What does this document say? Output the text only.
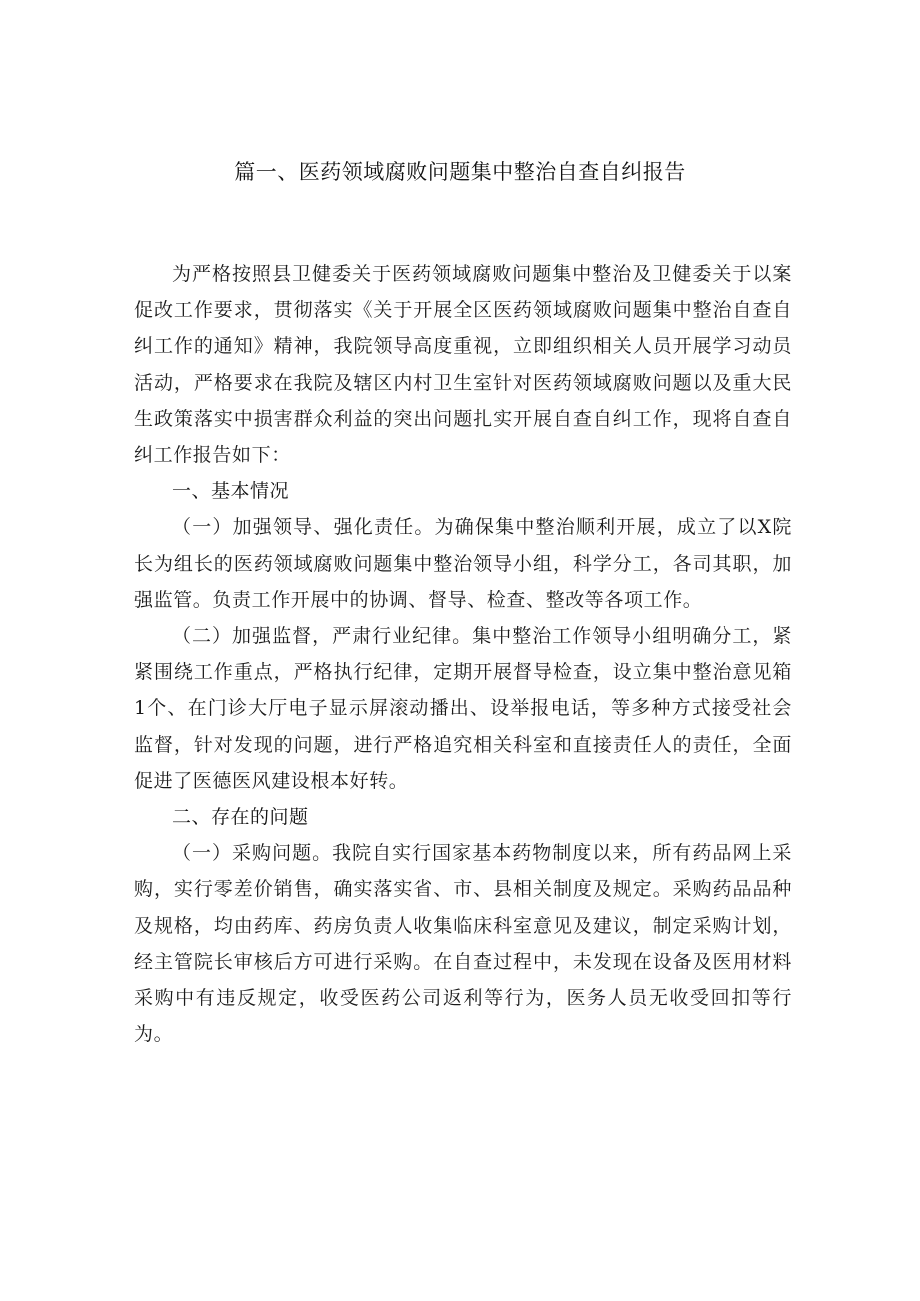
篇一、医药领域腐败问题集中整治自查自纠报告

为严格按照县卫健委关于医药领域腐败问题集中整治及卫健委关于以案促改工作要求，贯彻落实《关于开展全区医药领域腐败问题集中整治自查自纠工作的通知》精神，我院领导高度重视，立即组织相关人员开展学习动员活动，严格要求在我院及辖区内村卫生室针对医药领域腐败问题以及重大民生政策落实中损害群众利益的突出问题扎实开展自查自纠工作，现将自查自纠工作报告如下：

一、基本情况

（一）加强领导、强化责任。为确保集中整治顺利开展，成立了以X院长为组长的医药领域腐败问题集中整治领导小组，科学分工，各司其职，加强监管。负责工作开展中的协调、督导、检查、整改等各项工作。

（二）加强监督，严肃行业纪律。集中整治工作领导小组明确分工，紧紧围绕工作重点，严格执行纪律，定期开展督导检查，设立集中整治意见箱1个、在门诊大厅电子显示屏滚动播出、设举报电话，等多种方式接受社会监督，针对发现的问题，进行严格追究相关科室和直接责任人的责任，全面促进了医德医风建设根本好转。

二、存在的问题

（一）采购问题。我院自实行国家基本药物制度以来，所有药品网上采购，实行零差价销售，确实落实省、市、县相关制度及规定。采购药品品种及规格，均由药库、药房负责人收集临床科室意见及建议，制定采购计划，经主管院长审核后方可进行采购。在自查过程中，未发现在设备及医用材料采购中有违反规定，收受医药公司返利等行为，医务人员无收受回扣等行为。
